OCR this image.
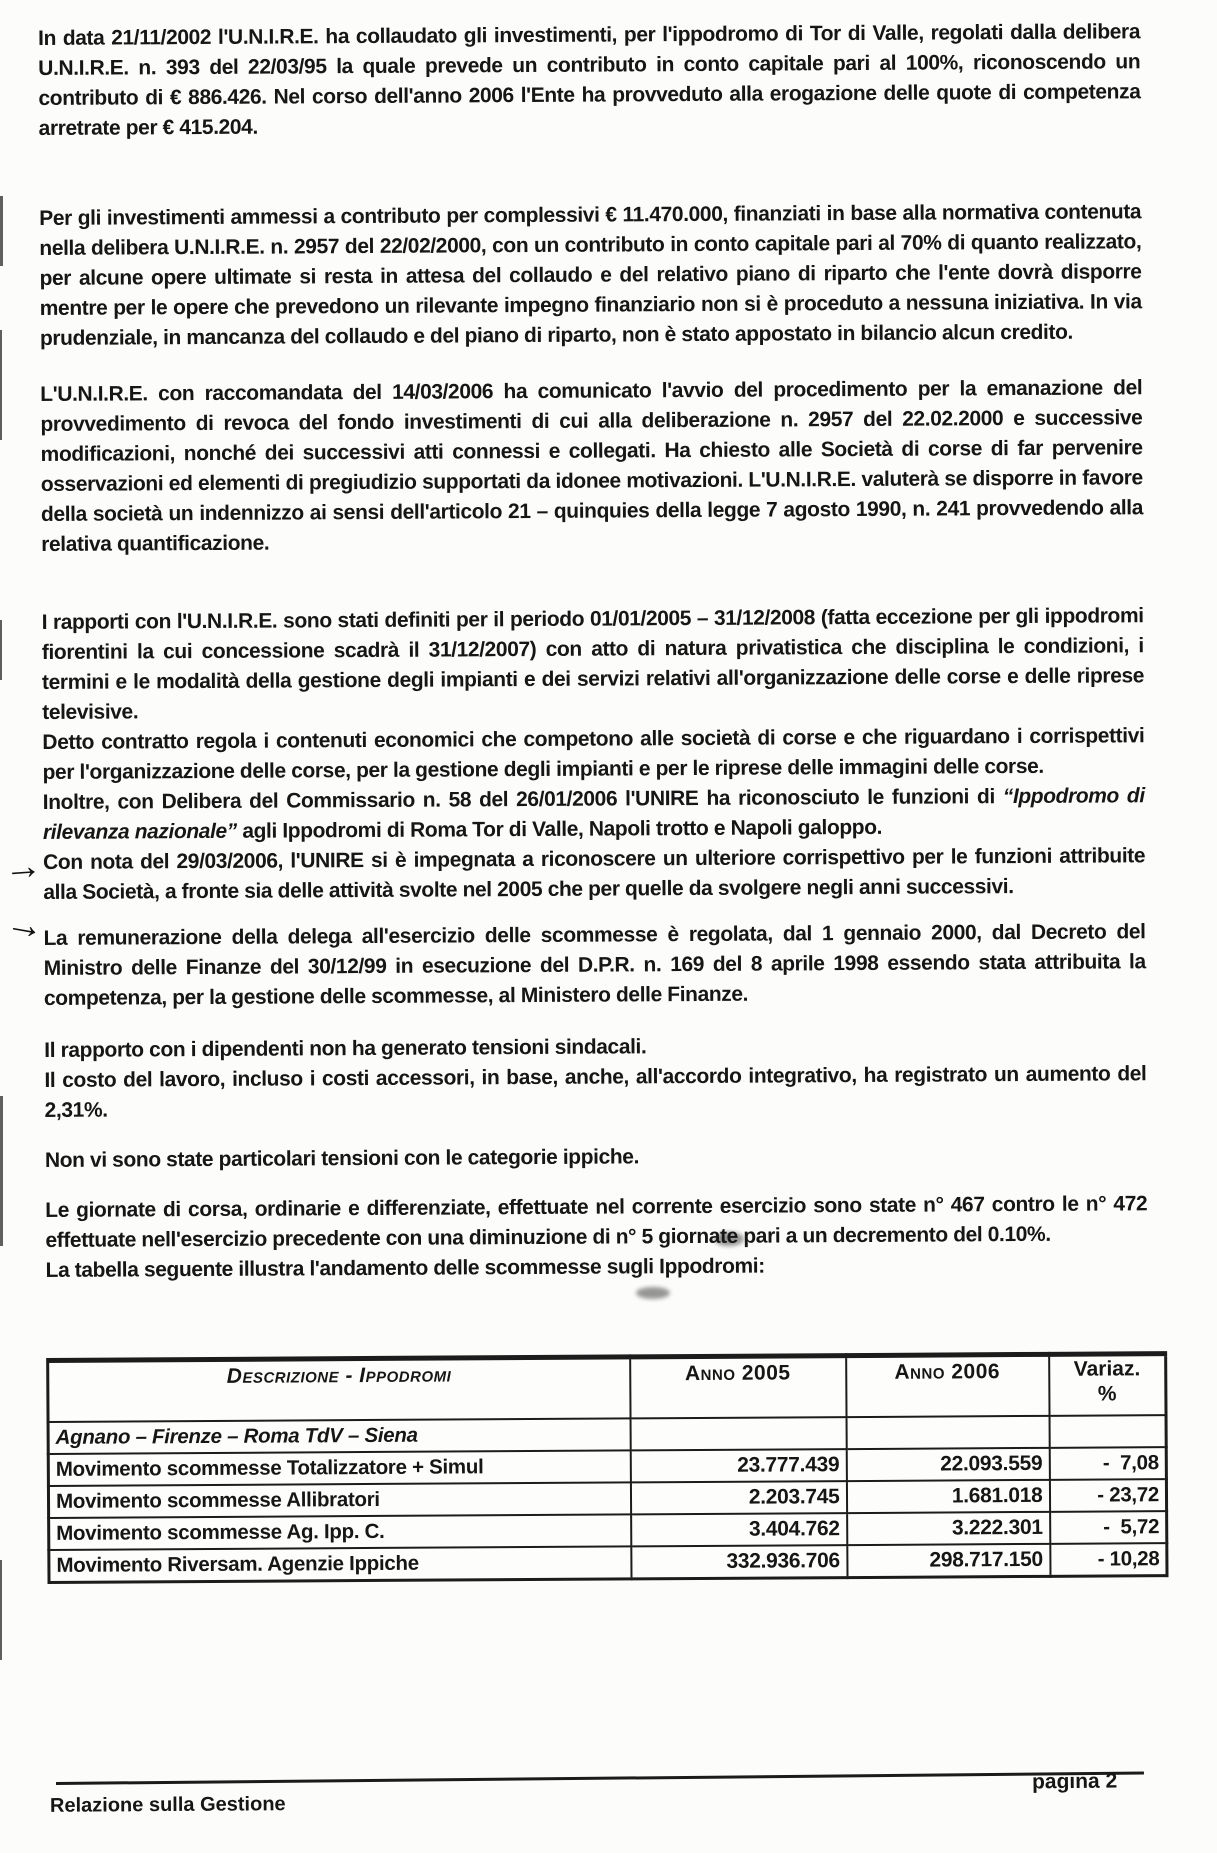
In data 21/11/2002 l'U.N.I.R.E. ha collaudato gli investimenti, per l'ippodromo di Tor di Valle, regolati dalla delibera U.N.I.R.E. n. 393 del 22/03/95 la quale prevede un contributo in conto capitale pari al 100%, riconoscendo un contributo di € 886.426. Nel corso dell'anno 2006 l'Ente ha provveduto alla erogazione delle quote di competenza arretrate per € 415.204.

Per gli investimenti ammessi a contributo per complessivi € 11.470.000, finanziati in base alla normativa contenuta nella delibera U.N.I.R.E. n. 2957 del 22/02/2000, con un contributo in conto capitale pari al 70% di quanto realizzato, per alcune opere ultimate si resta in attesa del collaudo e del relativo piano di riparto che l'ente dovrà disporre mentre per le opere che prevedono un rilevante impegno finanziario non si è proceduto a nessuna iniziativa. In via prudenziale, in mancanza del collaudo e del piano di riparto, non è stato appostato in bilancio alcun credito.

L'U.N.I.R.E. con raccomandata del 14/03/2006 ha comunicato l'avvio del procedimento per la emanazione del provvedimento di revoca del fondo investimenti di cui alla deliberazione n. 2957 del 22.02.2000 e successive modificazioni, nonché dei successivi atti connessi e collegati. Ha chiesto alle Società di corse di far pervenire osservazioni ed elementi di pregiudizio supportati da idonee motivazioni. L'U.N.I.R.E. valuterà se disporre in favore della società un indennizzo ai sensi dell'articolo 21 – quinquies della legge 7 agosto 1990, n. 241 provvedendo alla relativa quantificazione.

I rapporti con l'U.N.I.R.E. sono stati definiti per il periodo 01/01/2005 – 31/12/2008 (fatta eccezione per gli ippodromi fiorentini la cui concessione scadrà il 31/12/2007) con atto di natura privatistica che disciplina le condizioni, i termini e le modalità della gestione degli impianti e dei servizi relativi all'organizzazione delle corse e delle riprese televisive.
Detto contratto regola i contenuti economici che competono alle società di corse e che riguardano i corrispettivi per l'organizzazione delle corse, per la gestione degli impianti e per le riprese delle immagini delle corse.
Inoltre, con Delibera del Commissario n. 58 del 26/01/2006 l'UNIRE ha riconosciuto le funzioni di “Ippodromo di rilevanza nazionale” agli Ippodromi di Roma Tor di Valle, Napoli trotto e Napoli galoppo.
Con nota del 29/03/2006, l'UNIRE si è impegnata a riconoscere un ulteriore corrispettivo per le funzioni attribuite alla Società, a fronte sia delle attività svolte nel 2005 che per quelle da svolgere negli anni successivi.

La remunerazione della delega all'esercizio delle scommesse è regolata, dal 1 gennaio 2000, dal Decreto del Ministro delle Finanze del 30/12/99 in esecuzione del D.P.R. n. 169 del 8 aprile 1998 essendo stata attribuita la competenza, per la gestione delle scommesse, al Ministero delle Finanze.

Il rapporto con i dipendenti non ha generato tensioni sindacali.
Il costo del lavoro, incluso i costi accessori, in base, anche, all'accordo integrativo, ha registrato un aumento del 2,31%.

Non vi sono state particolari tensioni con le categorie ippiche.

Le giornate di corsa, ordinarie e differenziate, effettuate nel corrente esercizio sono state n° 467 contro le n° 472 effettuate nell'esercizio precedente con una diminuzione di n° 5 giornate pari a un decremento del 0.10%.
La tabella seguente illustra l'andamento delle scommesse sugli Ippodromi:

Descrizione - Ippodromi	Anno 2005	Anno 2006	Variaz.
%
Agnano – Firenze – Roma TdV – Siena			
Movimento scommesse Totalizzatore + Simul	23.777.439	22.093.559	-  7,08
Movimento scommesse Allibratori	2.203.745	1.681.018	- 23,72
Movimento scommesse Ag. Ipp. C.	3.404.762	3.222.301	-  5,72
Movimento Riversam. Agenzie Ippiche	332.936.706	298.717.150	- 10,28
→
→
Relazione sulla Gestione
pagina 2
